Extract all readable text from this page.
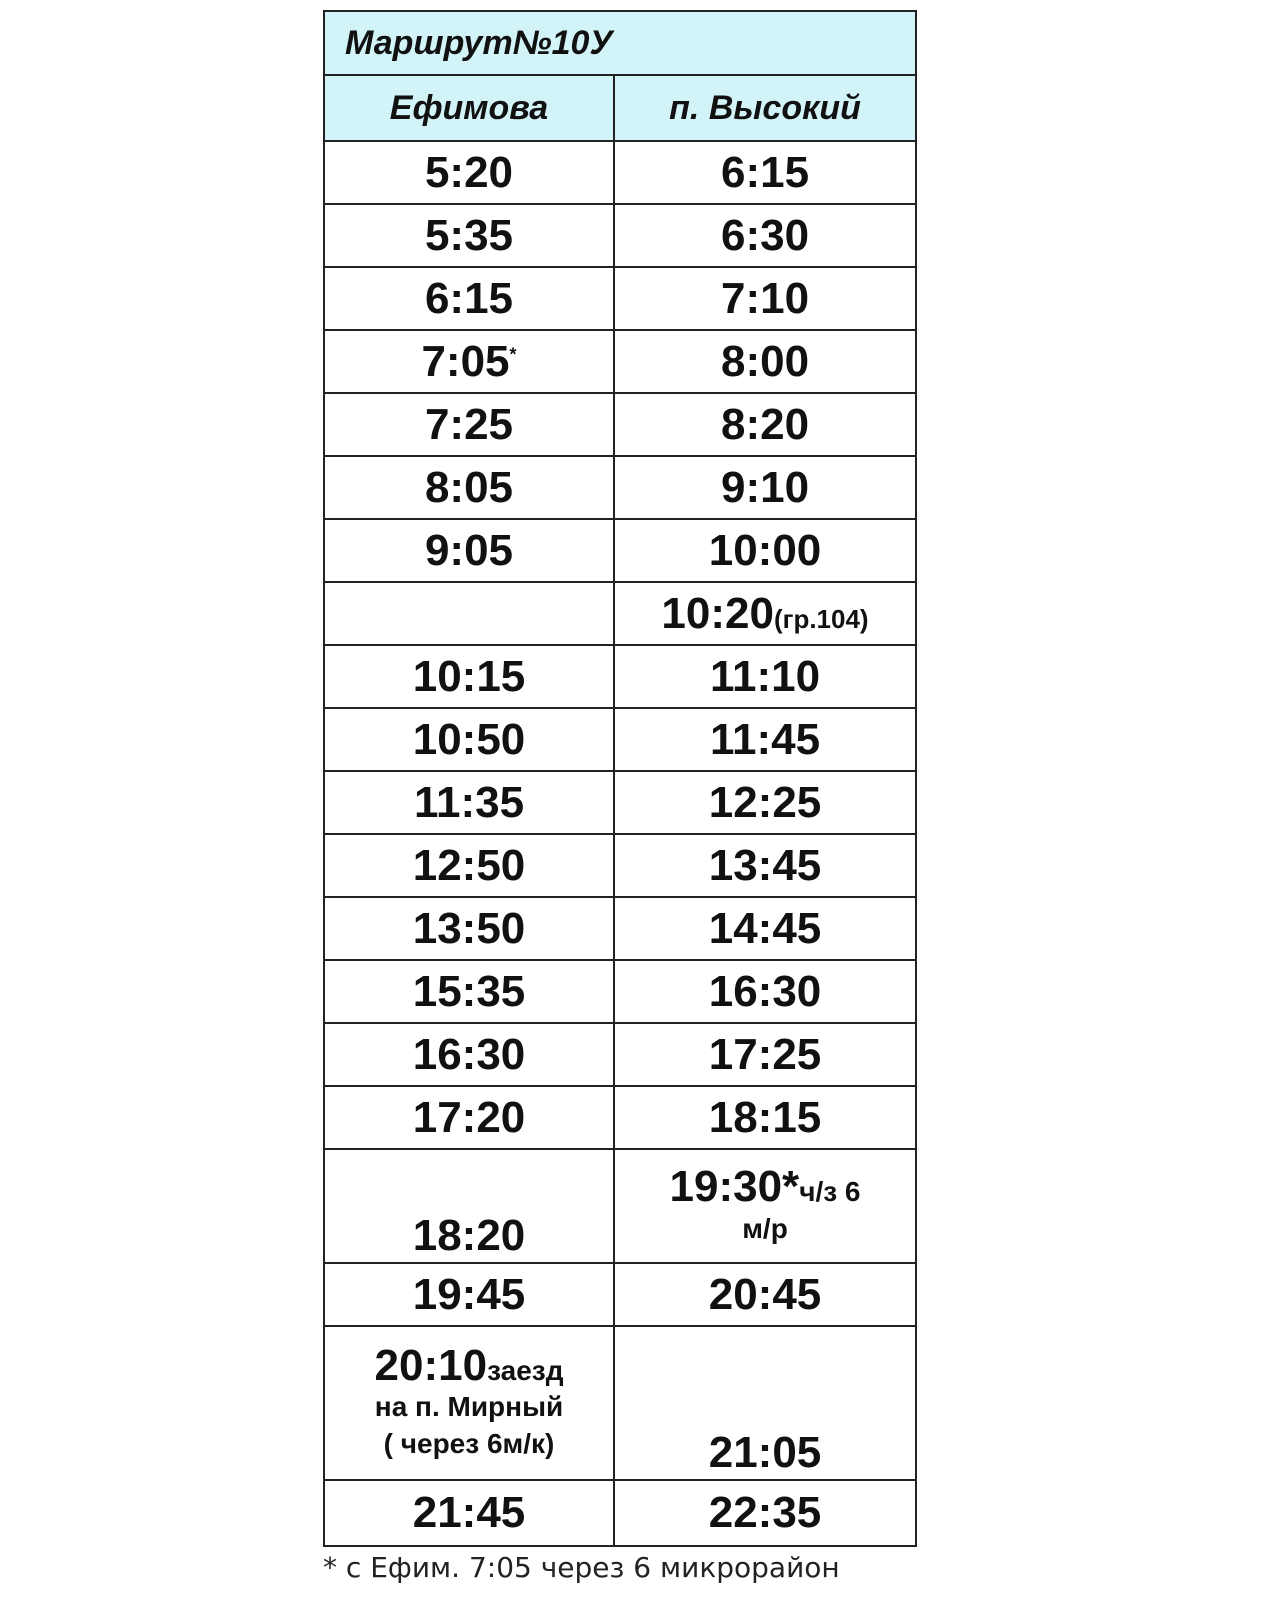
Маршрут№10У	
Ефимова	п. Высокий
5:20	6:15
5:35	6:30
6:15	7:10
7:05*	8:00
7:25	8:20
8:05	9:10
9:05	10:00
	10:20(гр.104)
10:15	11:10
10:50	11:45
11:35	12:25
12:50	13:45
13:50	14:45
15:35	16:30
16:30	17:25
17:20	18:15
18:20	19:30*ч/з 6
м/р

19:45	20:45

20:10заезд
на п. Мирный
( через 6м/к)	21:05
21:45	22:35
* с Ефим. 7:05 через 6 микрорайон
